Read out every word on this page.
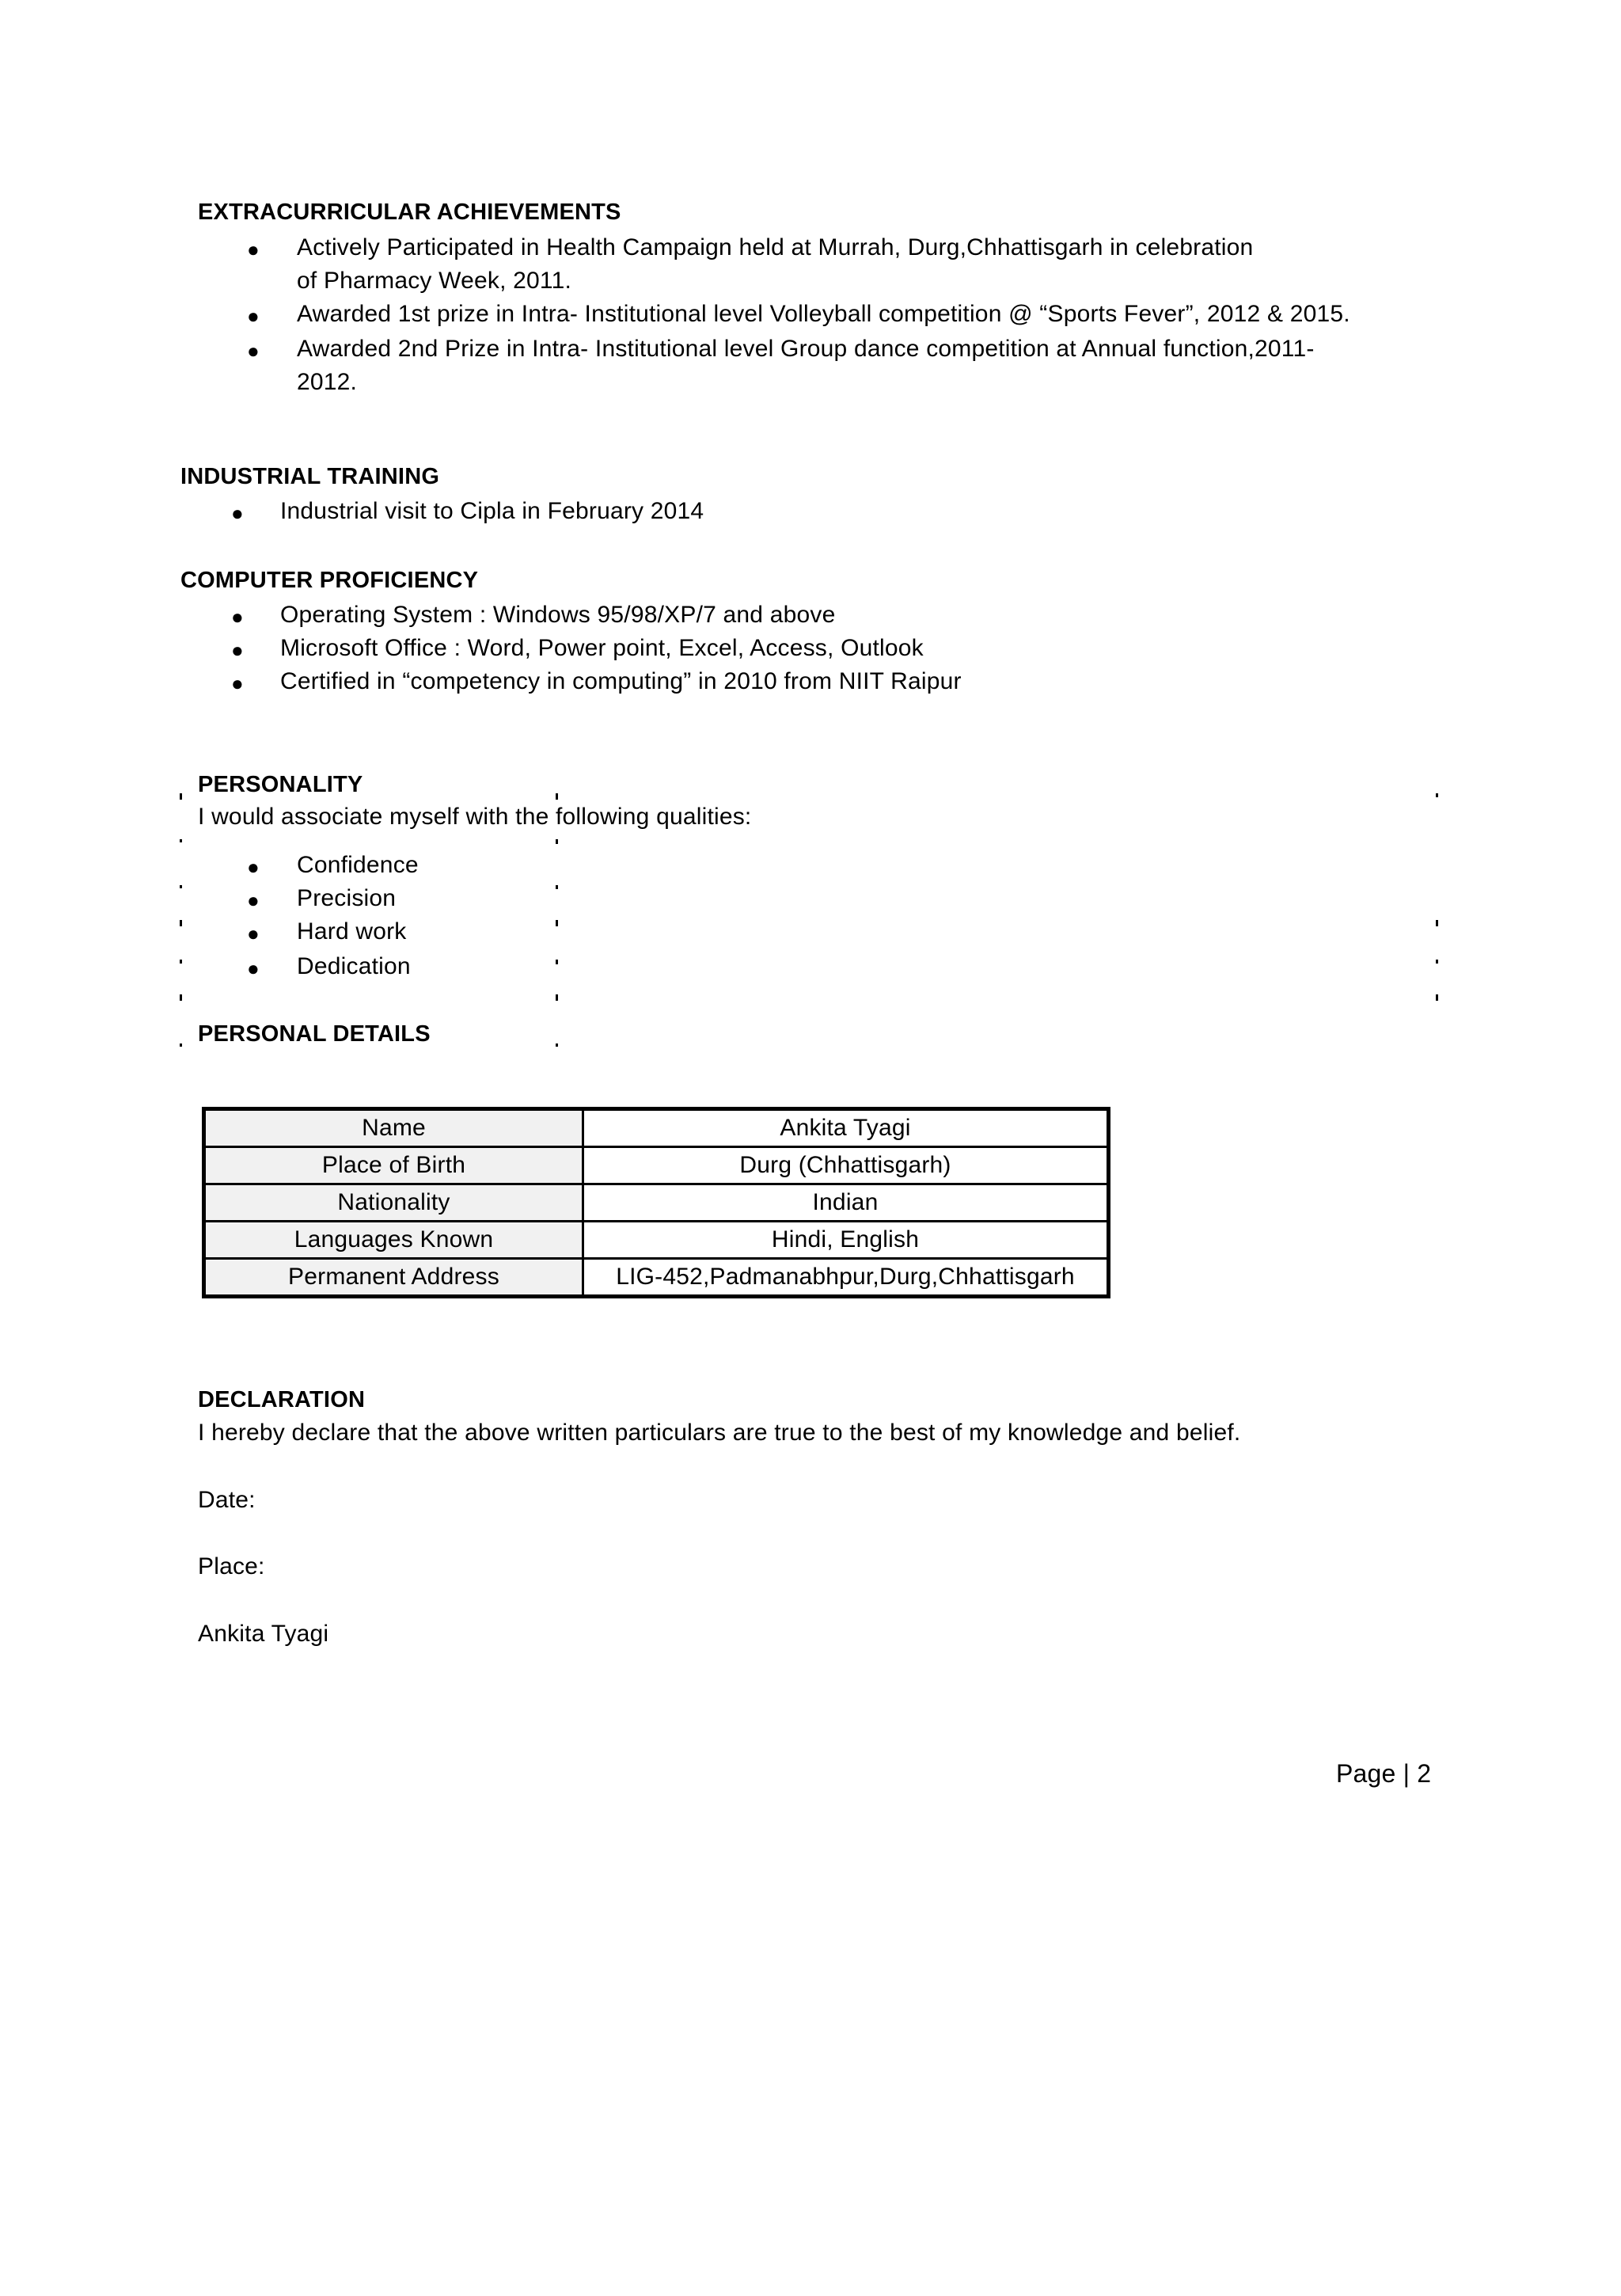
EXTRACURRICULAR ACHIEVEMENTS
● Actively Participated in Health Campaign held at Murrah, Durg,Chhattisgarh in celebration
of Pharmacy Week, 2011.
● Awarded 1st prize in Intra- Institutional level Volleyball competition @ “Sports Fever”, 2012 & 2015.
● Awarded 2nd Prize in Intra- Institutional level Group dance competition at Annual function,2011-
2012.
INDUSTRIAL TRAINING
● Industrial visit to Cipla in February 2014
COMPUTER PROFICIENCY
● Operating System : Windows 95/98/XP/7 and above
● Microsoft Office : Word, Power point, Excel, Access, Outlook
● Certified in “competency in computing” in 2010 from NIIT Raipur
PERSONALITY
I would associate myself with the following qualities:
● Confidence
● Precision
● Hard work
● Dedication
PERSONAL DETAILS
Name	Ankita Tyagi
Place of Birth	Durg (Chhattisgarh)
Nationality	Indian
Languages Known	Hindi, English
Permanent Address	LIG-452,Padmanabhpur,Durg,Chhattisgarh
DECLARATION
I hereby declare that the above written particulars are true to the best of my knowledge and belief.
Date:
Place:
Ankita Tyagi
Page | 2
